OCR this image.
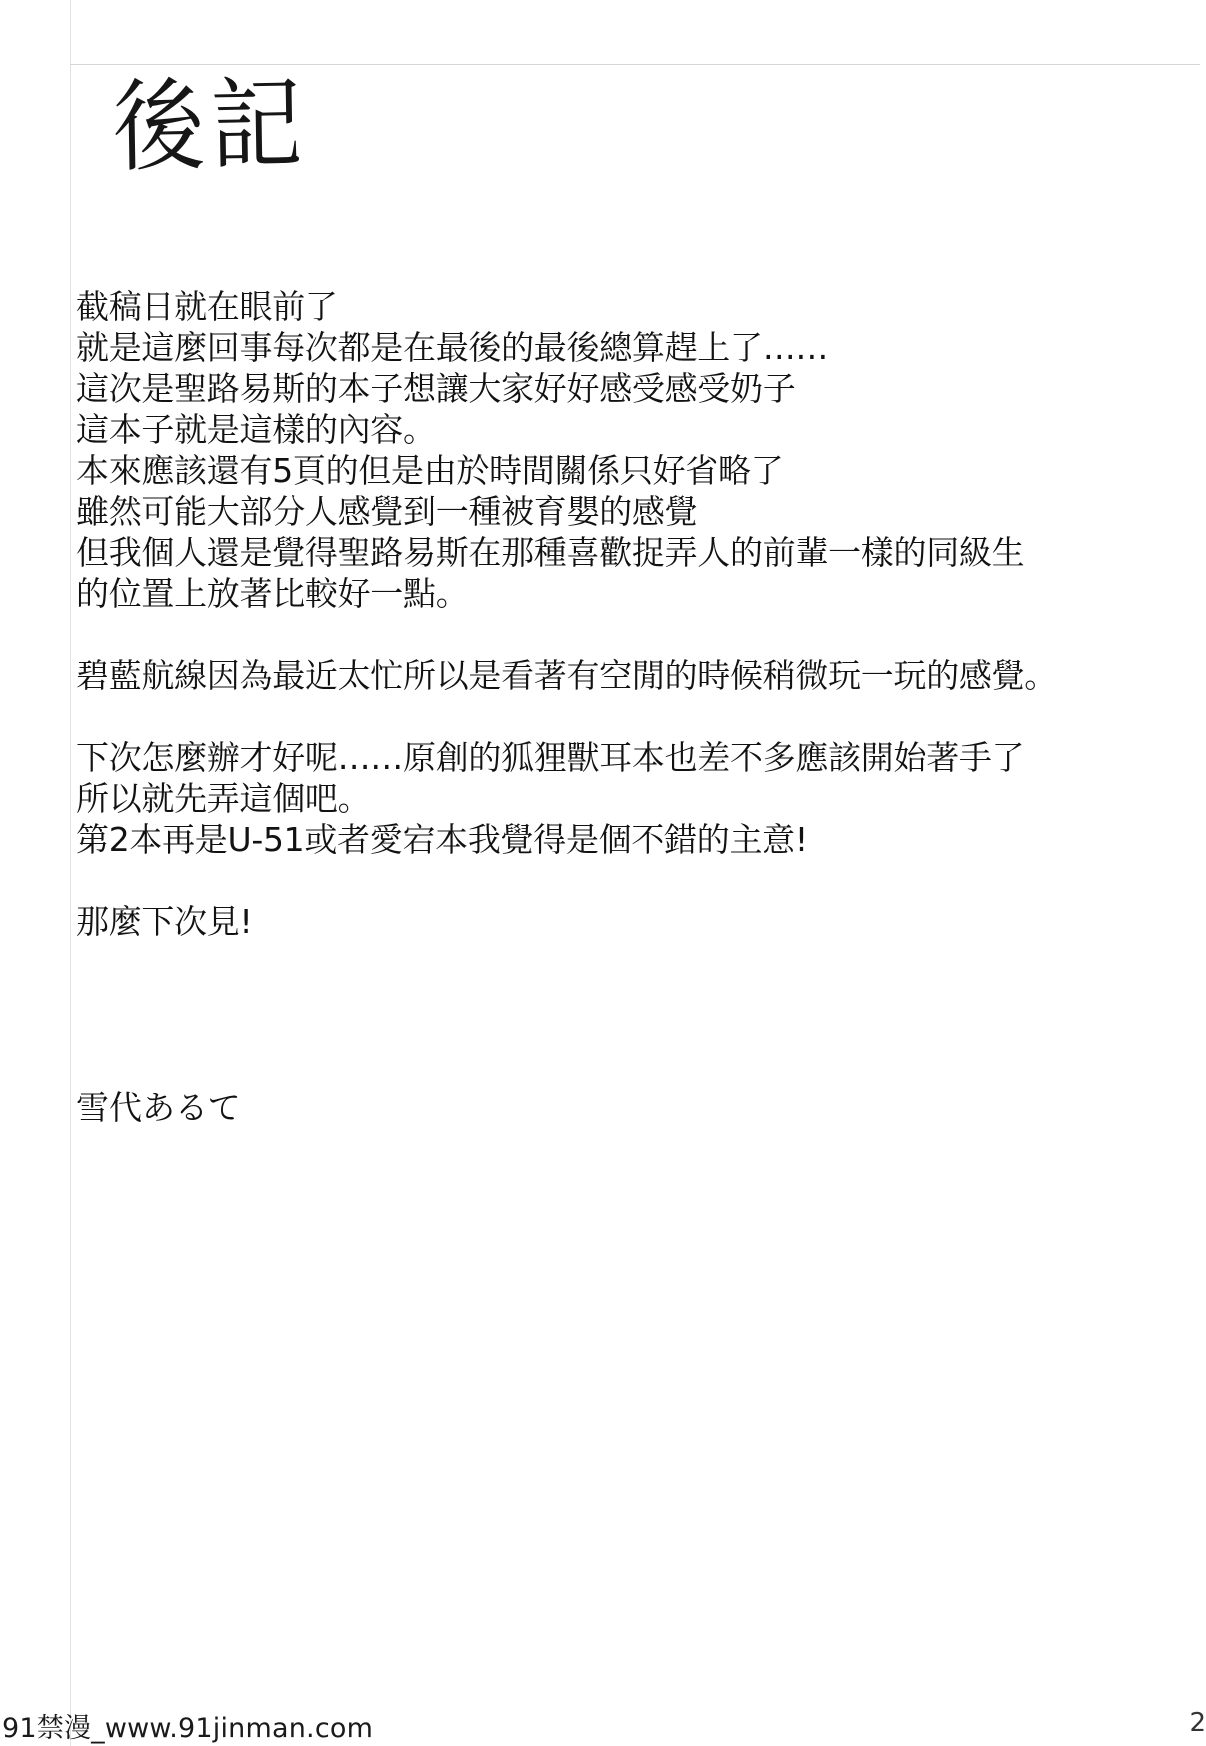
後記
截稿日就在眼前了
就是這麼回事每次都是在最後的最後總算趕上了……
這次是聖路易斯的本子想讓大家好好感受感受奶子
這本子就是這樣的內容。
本來應該還有5頁的但是由於時間關係只好省略了
雖然可能大部分人感覺到一種被育嬰的感覺
但我個人還是覺得聖路易斯在那種喜歡捉弄人的前輩一樣的同級生
的位置上放著比較好一點。
碧藍航線因為最近太忙所以是看著有空閒的時候稍微玩一玩的感覺。
下次怎麼辦才好呢……原創的狐狸獸耳本也差不多應該開始著手了
所以就先弄這個吧。
第2本再是U-51或者愛宕本我覺得是個不錯的主意!
那麼下次見!
雪代あるて
2
91禁漫_www.91jinman.com
